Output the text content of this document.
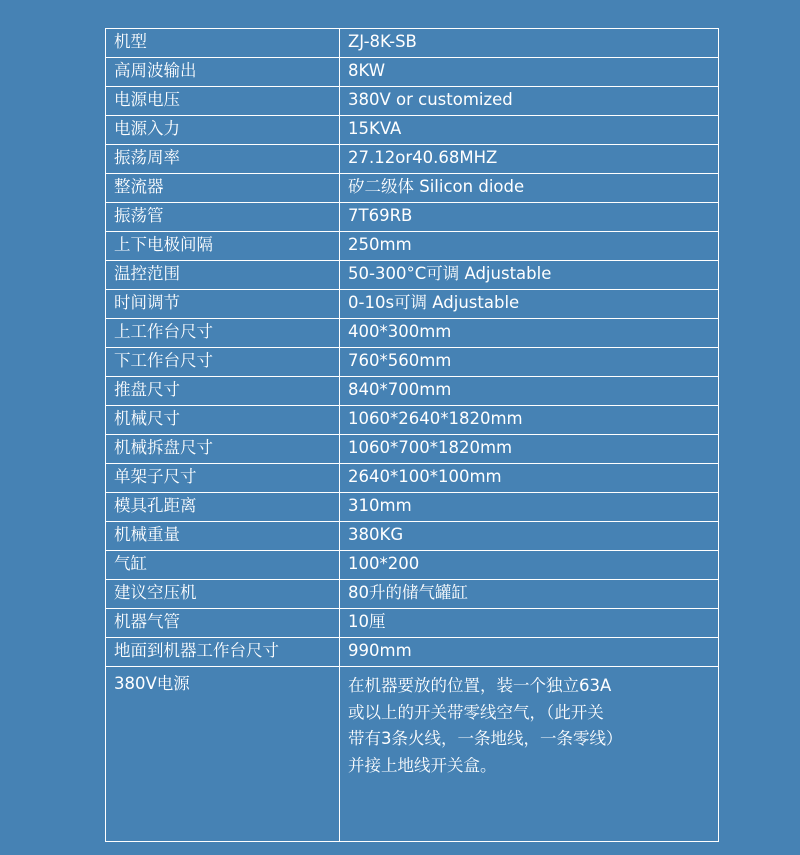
机型	ZJ-8K-SB
高周波输出	8KW
电源电压	380V or customized
电源入力	15KVA
振荡周率	27.12or40.68MHZ
整流器	矽二级体 Silicon diode
振荡管	7T69RB
上下电极间隔	250mm
温控范围	50-300°C可调 Adjustable
时间调节	0-10s可调 Adjustable
上工作台尺寸	400*300mm
下工作台尺寸	760*560mm
推盘尺寸	840*700mm
机械尺寸	1060*2640*1820mm
机械拆盘尺寸	1060*700*1820mm
单架子尺寸	2640*100*100mm
模具孔距离	310mm
机械重量	380KG
气缸	100*200
建议空压机	80升的储气罐缸
机器气管	10厘
地面到机器工作台尺寸	990mm
380V电源	在机器要放的位置，装一个独立63A
或以上的开关带零线空气，（此开关
带有3条火线，一条地线，一条零线）
并接上地线开关盒。
